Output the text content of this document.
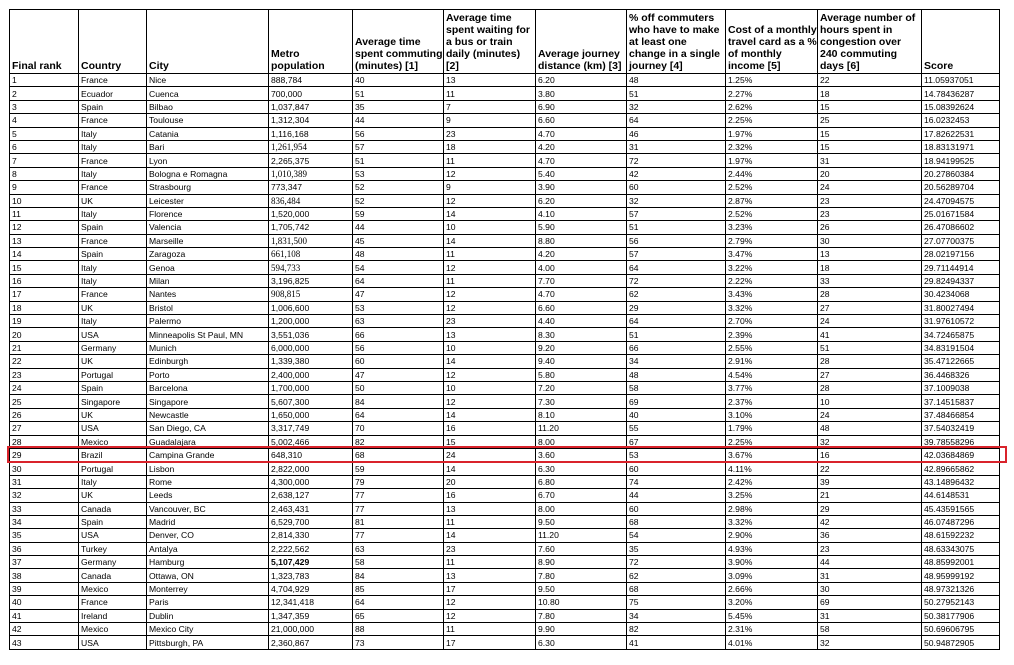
Final rank	Country	City	Metro population	Average time spent commuting (minutes) [1]	Average time spent waiting for a bus or train daily (minutes) [2]	Average journey distance (km) [3]	% off commuters who have to make at least one change in a single journey [4]	Cost of a monthly travel card as a % of monthly income [5]	Average number of hours spent in congestion over 240 commuting days [6]	Score
1	France	Nice	888,784	40	13	6.20	48	1.25%	22	11.05937051
2	Ecuador	Cuenca	700,000	51	11	3.80	51	2.27%	18	14.78436287
3	Spain	Bilbao	1,037,847	35	7	6.90	32	2.62%	15	15.08392624
4	France	Toulouse	1,312,304	44	9	6.60	64	2.25%	25	16.0232453
5	Italy	Catania	1,116,168	56	23	4.70	46	1.97%	15	17.82622531
6	Italy	Bari	1,261,954	57	18	4.20	31	2.32%	15	18.83131971
7	France	Lyon	2,265,375	51	11	4.70	72	1.97%	31	18.94199525
8	Italy	Bologna e Romagna	1,010,389	53	12	5.40	42	2.44%	20	20.27860384
9	France	Strasbourg	773,347	52	9	3.90	60	2.52%	24	20.56289704
10	UK	Leicester	836,484	52	12	6.20	32	2.87%	23	24.47094575
11	Italy	Florence	1,520,000	59	14	4.10	57	2.52%	23	25.01671584
12	Spain	Valencia	1,705,742	44	10	5.90	51	3.23%	26	26.47086602
13	France	Marseille	1,831,500	45	14	8.80	56	2.79%	30	27.07700375
14	Spain	Zaragoza	661,108	48	11	4.20	57	3.47%	13	28.02197156
15	Italy	Genoa	594,733	54	12	4.00	64	3.22%	18	29.71144914
16	Italy	Milan	3,196,825	64	11	7.70	72	2.22%	33	29.82494337
17	France	Nantes	908,815	47	12	4.70	62	3.43%	28	30.4234068
18	UK	Bristol	1,006,600	53	12	6.60	29	3.32%	27	31.80027494
19	Italy	Palermo	1,200,000	63	23	4.40	64	2.70%	24	31.97610572
20	USA	Minneapolis St Paul, MN	3,551,036	66	13	8.30	51	2.39%	41	34.72465875
21	Germany	Munich	6,000,000	56	10	9.20	66	2.55%	51	34.83191504
22	UK	Edinburgh	1,339,380	60	14	9.40	34	2.91%	28	35.47122665
23	Portugal	Porto	2,400,000	47	12	5.80	48	4.54%	27	36.4468326
24	Spain	Barcelona	1,700,000	50	10	7.20	58	3.77%	28	37.1009038
25	Singapore	Singapore	5,607,300	84	12	7.30	69	2.37%	10	37.14515837
26	UK	Newcastle	1,650,000	64	14	8.10	40	3.10%	24	37.48466854
27	USA	San Diego, CA	3,317,749	70	16	11.20	55	1.79%	48	37.54032419
28	Mexico	Guadalajara	5,002,466	82	15	8.00	67	2.25%	32	39.78558296
29	Brazil	Campina Grande	648,310	68	24	3.60	53	3.67%	16	42.03684869
30	Portugal	Lisbon	2,822,000	59	14	6.30	60	4.11%	22	42.89665862
31	Italy	Rome	4,300,000	79	20	6.80	74	2.42%	39	43.14896432
32	UK	Leeds	2,638,127	77	16	6.70	44	3.25%	21	44.6148531
33	Canada	Vancouver, BC	2,463,431	77	13	8.00	60	2.98%	29	45.43591565
34	Spain	Madrid	6,529,700	81	11	9.50	68	3.32%	42	46.07487296
35	USA	Denver, CO	2,814,330	77	14	11.20	54	2.90%	36	48.61592232
36	Turkey	Antalya	2,222,562	63	23	7.60	35	4.93%	23	48.63343075
37	Germany	Hamburg	5,107,429	58	11	8.90	72	3.90%	44	48.85992001
38	Canada	Ottawa, ON	1,323,783	84	13	7.80	62	3.09%	31	48.95999192
39	Mexico	Monterrey	4,704,929	85	17	9.50	68	2.66%	30	48.97321326
40	France	Paris	12,341,418	64	12	10.80	75	3.20%	69	50.27952143
41	Ireland	Dublin	1,347,359	65	12	7.80	34	5.45%	31	50.38177906
42	Mexico	Mexico City	21,000,000	88	11	9.90	82	2.31%	58	50.69606795
43	USA	Pittsburgh, PA	2,360,867	73	17	6.30	41	4.01%	32	50.94872905
